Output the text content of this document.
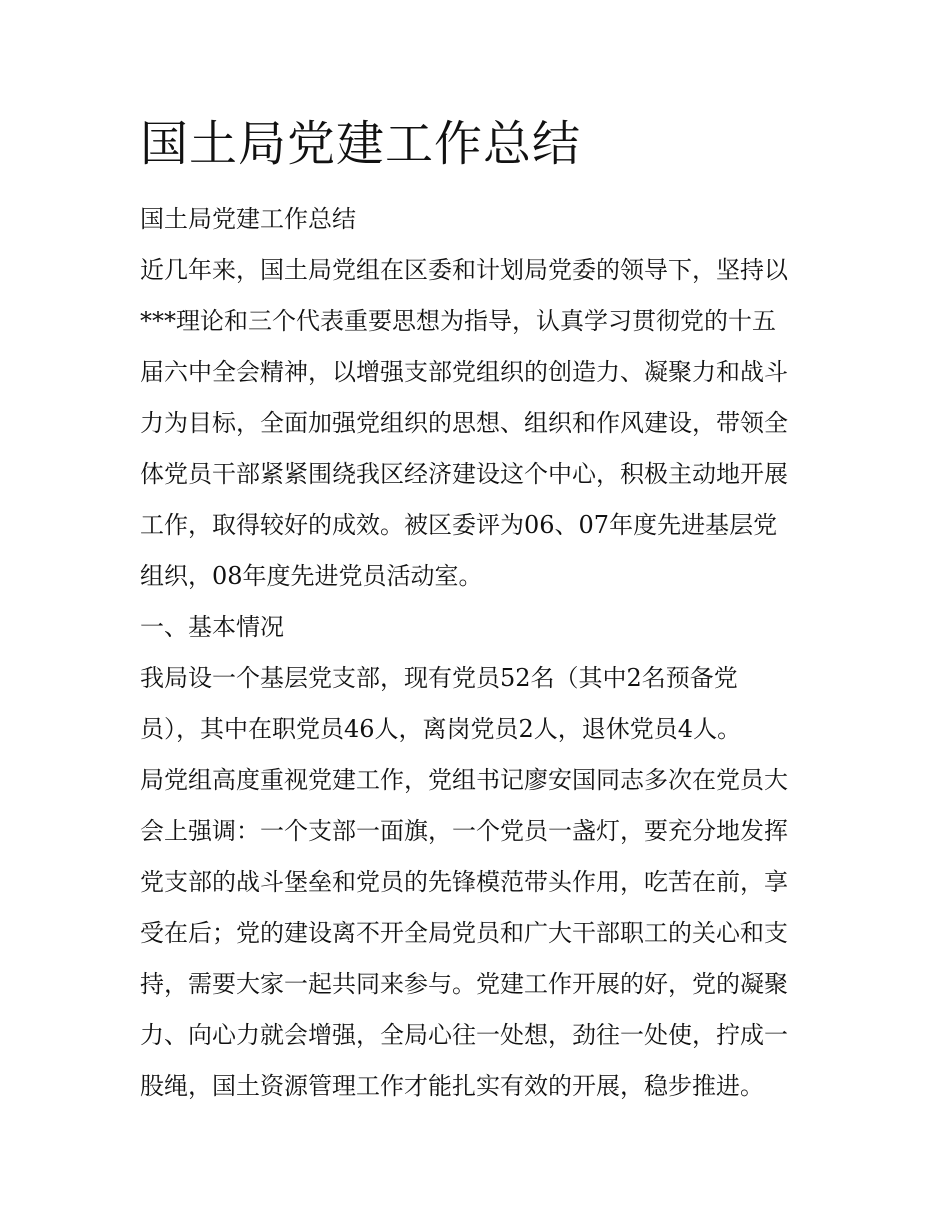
国土局党建工作总结

国土局党建工作总结

近几年来，国土局党组在区委和计划局党委的领导下，坚持以

***理论和三个代表重要思想为指导，认真学习贯彻党的十五

届六中全会精神，以增强支部党组织的创造力、凝聚力和战斗

力为目标，全面加强党组织的思想、组织和作风建设，带领全

体党员干部紧紧围绕我区经济建设这个中心，积极主动地开展

工作，取得较好的成效。被区委评为06、07年度先进基层党

组织，08年度先进党员活动室。

一、基本情况

我局设一个基层党支部，现有党员52名（其中2名预备党

员），其中在职党员46人，离岗党员2人，退休党员4人。

局党组高度重视党建工作，党组书记廖安国同志多次在党员大

会上强调：一个支部一面旗，一个党员一盏灯，要充分地发挥

党支部的战斗堡垒和党员的先锋模范带头作用，吃苦在前，享

受在后；党的建设离不开全局党员和广大干部职工的关心和支

持，需要大家一起共同来参与。党建工作开展的好，党的凝聚

力、向心力就会增强，全局心往一处想，劲往一处使，拧成一

股绳，国土资源管理工作才能扎实有效的开展，稳步推进。
